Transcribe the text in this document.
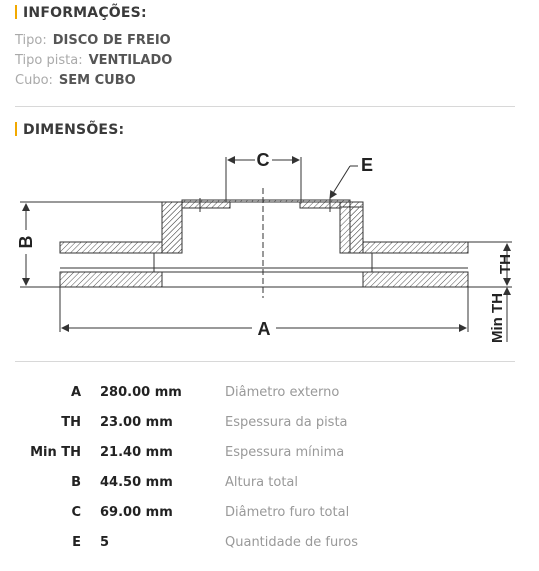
INFORMAÇÕES:
Tipo: DISCO DE FREIO
Tipo pista: VENTILADO
Cubo: SEM CUBO
DIMENSÕES:
C	E
B
A
TH
Min TH
A 280.00 mm	Diâmetro externo
TH 23.00 mm	Espessura da pista
Min TH 21.40 mm	Espessura mínima
B 44.50 mm	Altura total
C 69.00 mm	Diâmetro furo total
E 5	Quantidade de furos
